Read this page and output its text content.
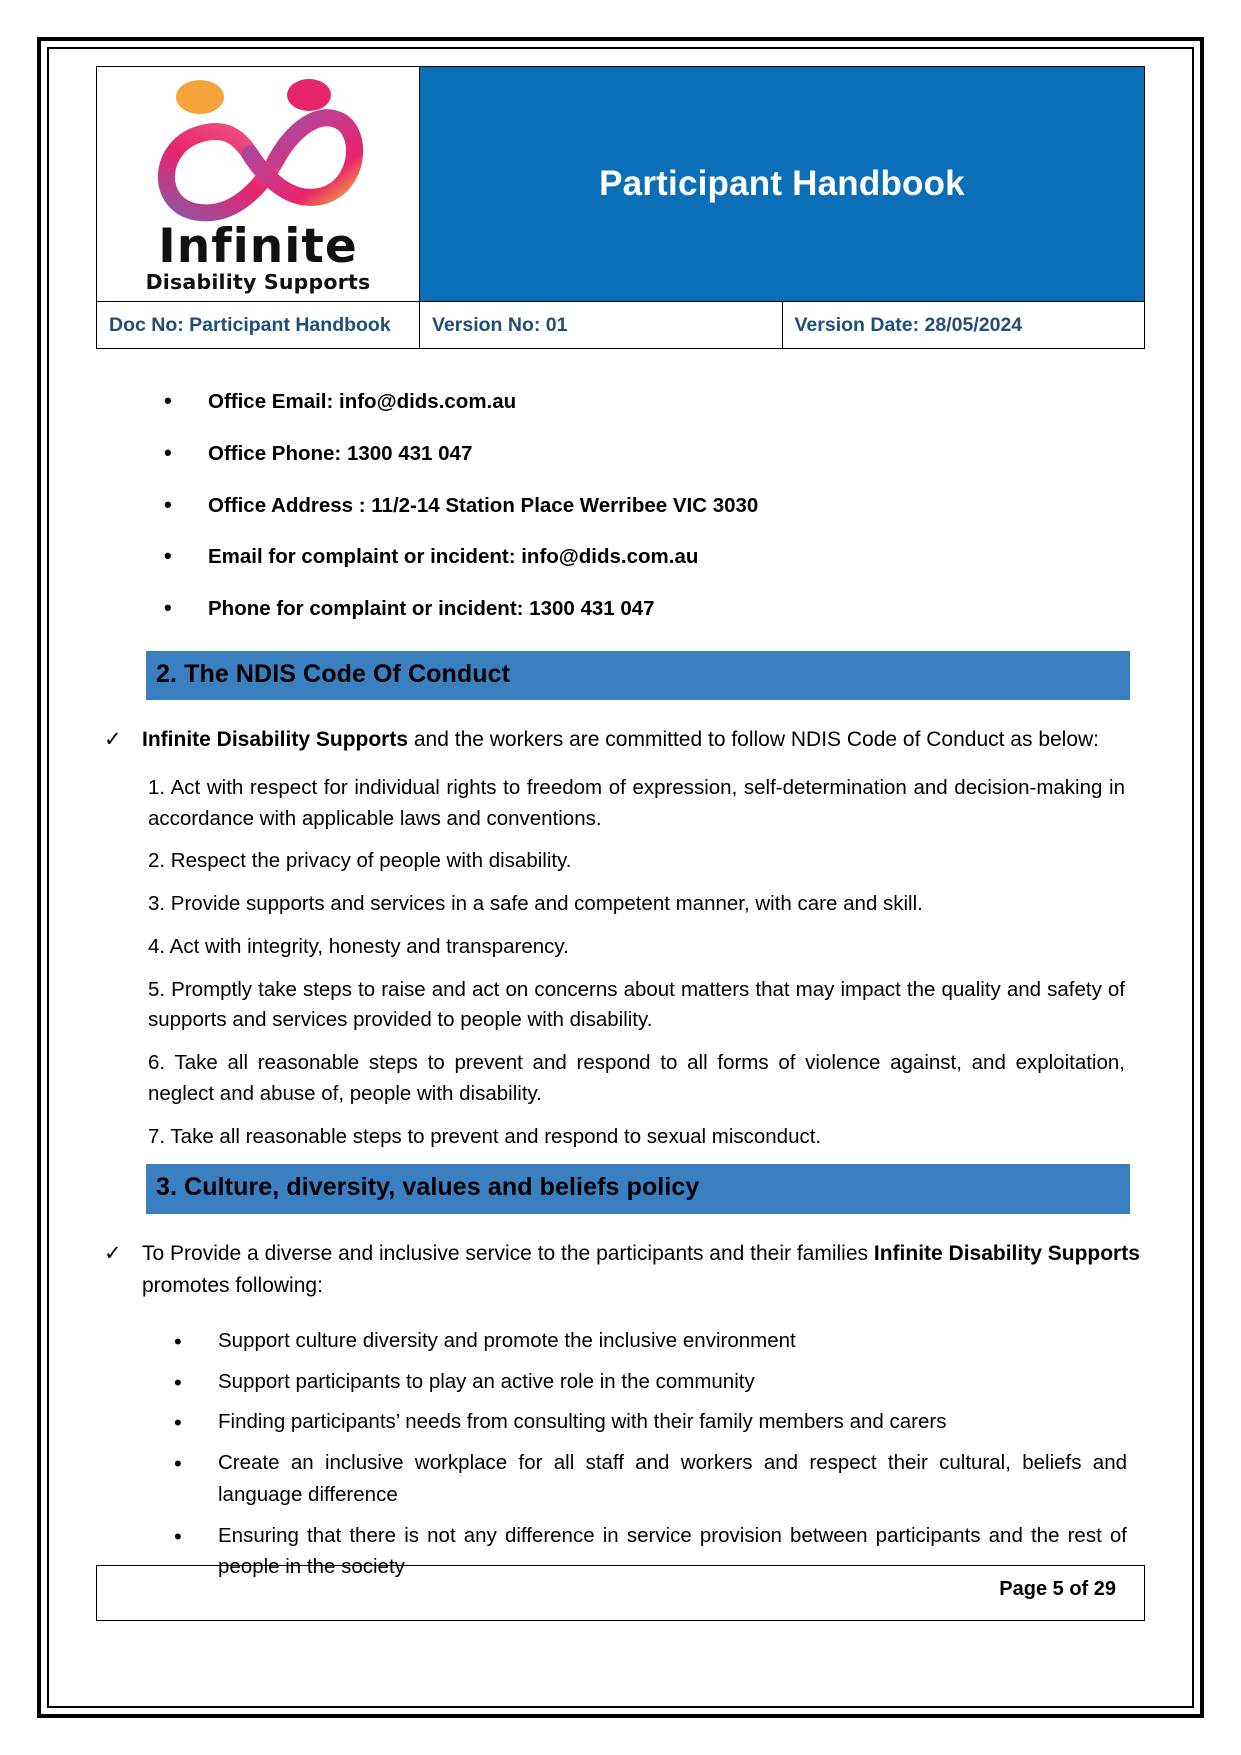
Infinite
Disability Supports	Participant Handbook	

Doc No: Participant Handbook	Version No: 01	Version Date: 28/05/2024
• Office Email: info@dids.com.au
• Office Phone: 1300 431 047
• Office Address : 11/2-14 Station Place Werribee VIC 3030
• Email for complaint or incident: info@dids.com.au
• Phone for complaint or incident: 1300 431 047
2. The NDIS Code Of Conduct
✓ Infinite Disability Supports and the workers are committed to follow NDIS Code of Conduct as below:

1. Act with respect for individual rights to freedom of expression, self-determination and decision-making in accordance with applicable laws and conventions.

2. Respect the privacy of people with disability.

3. Provide supports and services in a safe and competent manner, with care and skill.

4. Act with integrity, honesty and transparency.

5. Promptly take steps to raise and act on concerns about matters that may impact the quality and safety of supports and services provided to people with disability.

6. Take all reasonable steps to prevent and respond to all forms of violence against, and exploitation, neglect and abuse of, people with disability.

7. Take all reasonable steps to prevent and respond to sexual misconduct.

3. Culture, diversity, values and beliefs policy
✓ To Provide a diverse and inclusive service to the participants and their families Infinite Disability Supports promotes following:
• Support culture diversity and promote the inclusive environment
• Support participants to play an active role in the community
• Finding participants’ needs from consulting with their family members and carers
• Create an inclusive workplace for all staff and workers and respect their cultural, beliefs and language difference
• Ensuring that there is not any difference in service provision between participants and the rest of people in the society
Page 5 of 29
